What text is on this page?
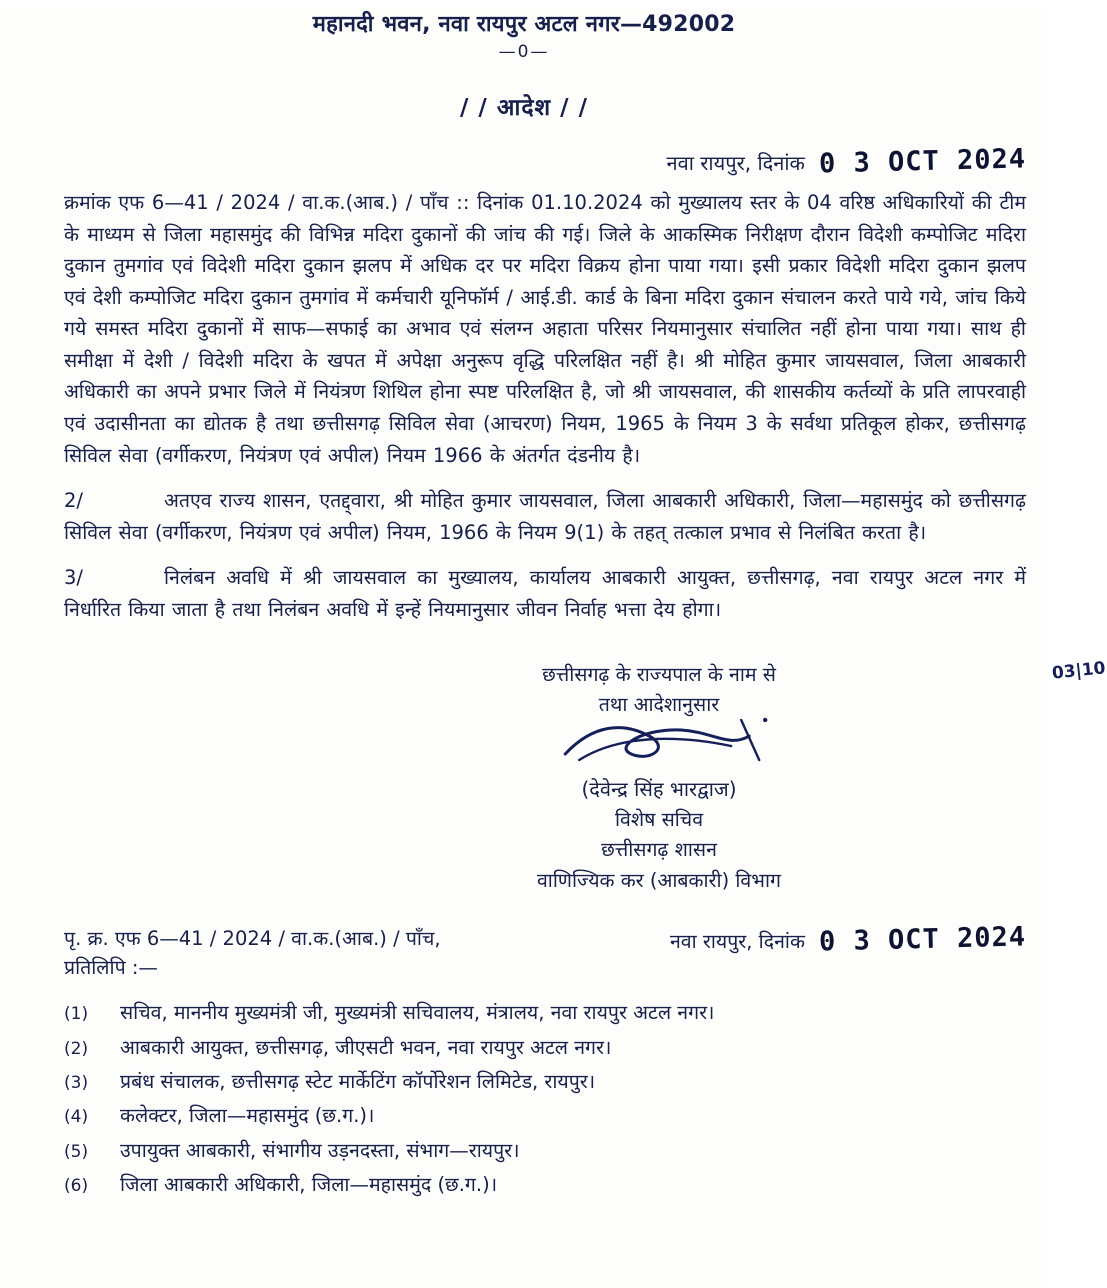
महानदी भवन, नवा रायपुर अटल नगर—492002
—0—
/ / आदेश / /
नवा रायपुर, दिनांक 0 3 OCT 2024

क्रमांक एफ 6—41 / 2024 / वा.क.(आब.) / पाँच :: दिनांक 01.10.2024 को मुख्यालय स्तर के 04 वरिष्ठ अधिकारियों की टीम के माध्यम से जिला महासमुंद की विभिन्न मदिरा दुकानों की जांच की गई। जिले के आकस्मिक निरीक्षण दौरान विदेशी कम्पोजिट मदिरा दुकान तुमगांव एवं विदेशी मदिरा दुकान झलप में अधिक दर पर मदिरा विक्रय होना पाया गया। इसी प्रकार विदेशी मदिरा दुकान झलप एवं देशी कम्पोजिट मदिरा दुकान तुमगांव में कर्मचारी यूनिफॉर्म / आई.डी. कार्ड के बिना मदिरा दुकान संचालन करते पाये गये, जांच किये गये समस्त मदिरा दुकानों में साफ—सफाई का अभाव एवं संलग्न अहाता परिसर नियमानुसार संचालित नहीं होना पाया गया। साथ ही समीक्षा में देशी / विदेशी मदिरा के खपत में अपेक्षा अनुरूप वृद्धि परिलक्षित नहीं है। श्री मोहित कुमार जायसवाल, जिला आबकारी अधिकारी का अपने प्रभार जिले में नियंत्रण शिथिल होना स्पष्ट परिलक्षित है, जो श्री जायसवाल, की शासकीय कर्तव्यों के प्रति लापरवाही एवं उदासीनता का द्योतक है तथा छत्तीसगढ़ सिविल सेवा (आचरण) नियम, 1965 के नियम 3 के सर्वथा प्रतिकूल होकर, छत्तीसगढ़ सिविल सेवा (वर्गीकरण, नियंत्रण एवं अपील) नियम 1966 के अंतर्गत दंडनीय है।

2/	अतएव राज्य शासन, एतद्द्वारा, श्री मोहित कुमार जायसवाल, जिला आबकारी अधिकारी, जिला—महासमुंद को छत्तीसगढ़ सिविल सेवा (वर्गीकरण, नियंत्रण एवं अपील) नियम, 1966 के नियम 9(1) के तहत् तत्काल प्रभाव से निलंबित करता है।

3/	निलंबन अवधि में श्री जायसवाल का मुख्यालय, कार्यालय आबकारी आयुक्त, छत्तीसगढ़, नवा रायपुर अटल नगर में निर्धारित किया जाता है तथा निलंबन अवधि में इन्हें नियमानुसार जीवन निर्वाह भत्ता देय होगा।

छत्तीसगढ़ के राज्यपाल के नाम से
तथा आदेशानुसार
(देवेन्द्र सिंह भारद्वाज)
03|10
विशेष सचिव
छत्तीसगढ़ शासन
वाणिज्यिक कर (आबकारी) विभाग
पृ. क्र. एफ 6—41 / 2024 / वा.क.(आब.) / पाँच,
प्रतिलिपि :—
नवा रायपुर, दिनांक 0 3 OCT 2024
(1)	सचिव, माननीय मुख्यमंत्री जी, मुख्यमंत्री सचिवालय, मंत्रालय, नवा रायपुर अटल नगर।
(2)	आबकारी आयुक्त, छत्तीसगढ़, जीएसटी भवन, नवा रायपुर अटल नगर।
(3)	प्रबंध संचालक, छत्तीसगढ़ स्टेट मार्केटिंग कॉर्पोरेशन लिमिटेड, रायपुर।
(4)	कलेक्टर, जिला—महासमुंद (छ.ग.)।
(5)	उपायुक्त आबकारी, संभागीय उड़नदस्ता, संभाग—रायपुर।
(6)	जिला आबकारी अधिकारी, जिला—महासमुंद (छ.ग.)।
